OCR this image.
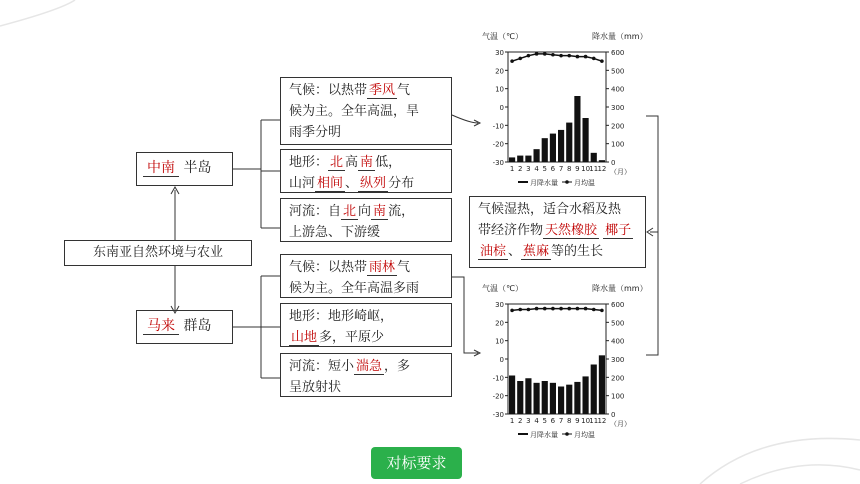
东南亚自然环境与农业
中南 半岛
马来 群岛
气候：以热带 季风 气
候为主。全年高温，旱
雨季分明
地形： 北 高 南 低，
山河 相间 、 纵列 分布
河流：自 北 向 南 流，
上游急、下游缓
气候：以热带 雨林 气
候为主。全年高温多雨
地形：地形崎岖，
山地 多，平原少
河流：短小 湍急 ，多
呈放射状
气候湿热，适合水稻及热
带经济作物 天然橡胶 椰子
油棕 、 蕉麻 等的生长
气温（℃）	降水量（mm）
-30
-20
-10
0
10
20
30
0
100
200
300
400
500
600
1 2 3 4 5 6 7 8 9 10 11 12 （月）
月降水量 月均温
气温（℃）	降水量（mm）
-30
-20
-10
0
10
20
30
0
100
200
300
400
500
600
1 2 3 4 5 6 7 8 9 10 11 12 （月）
月降水量 月均温
对标要求
